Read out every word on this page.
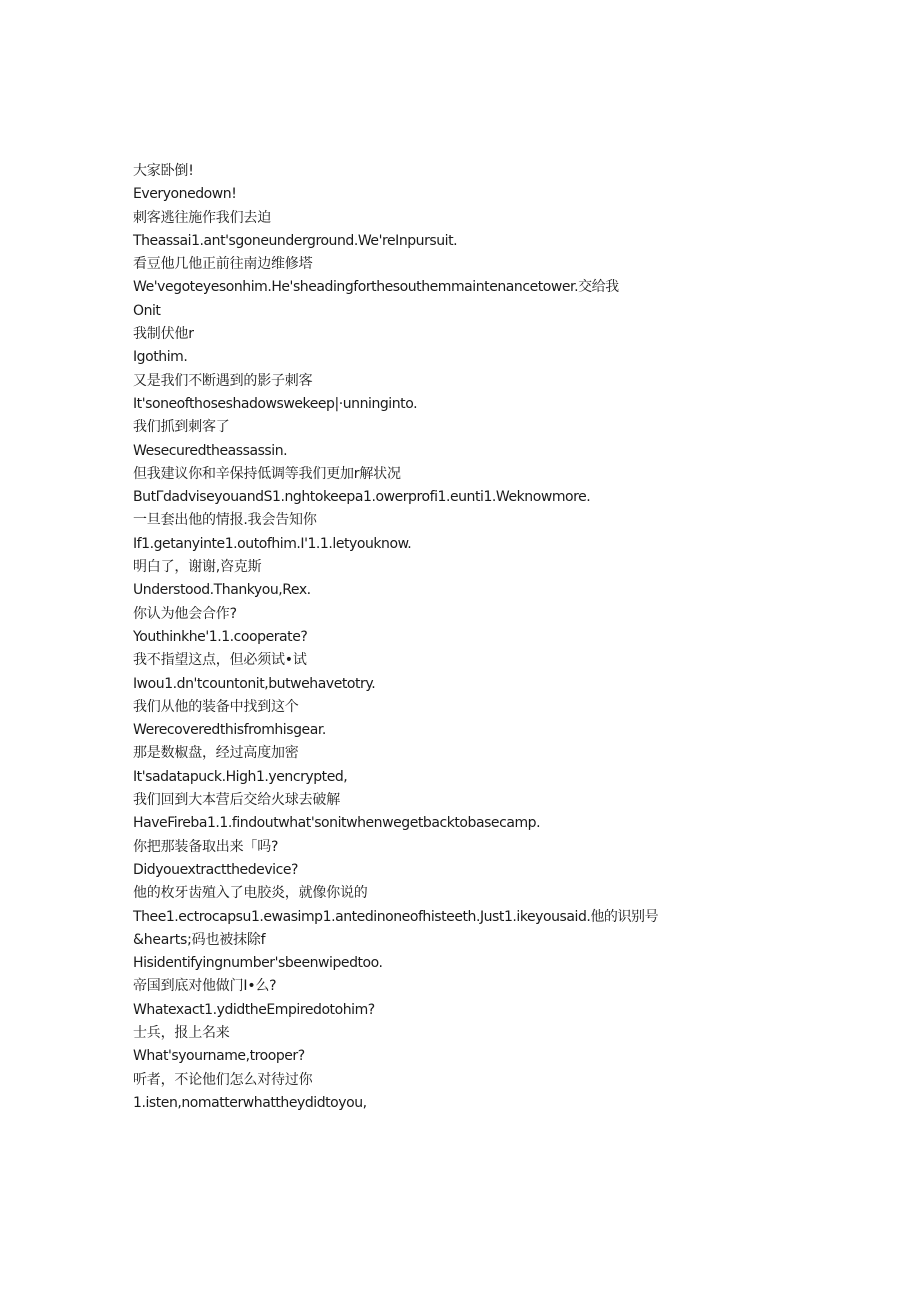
大家卧倒!
Everyonedown!
刺客逃往施作我们去迫
Theassai1.ant'sgoneunderground.We'reInpursuit.
看豆他几他正前往南边维修塔
We'vegoteyesonhim.He'sheadingforthesouthemmaintenancetower.交给我
Onit
我制伏他r
Igothim.
又是我们不断遇到的影子刺客
It'soneofthoseshadowswekeep|·unninginto.
我们抓到刺客了
Wesecuredtheassassin.
但我建议你和辛保持低调等我们更加r解状况
ButΓdadviseyouandS1.nghtokeepa1.owerprofi1.eunti1.Weknowmore.
一旦套出他的情报.我会告知你
If1.getanyinte1.outofhim.I'1.1.letyouknow.
明白了，谢谢,咨克斯
Understood.Thankyou,Rex.
你认为他会合作?
Youthinkhe'1.1.cooperate?
我不指望这点，但必须试•试
Iwou1.dn'tcountonit,butwehavetotry.
我们从他的装备中找到这个
Werecoveredthisfromhisgear.
那是数椒盘，经过高度加密
It'sadatapuck.High1.yencrypted,
我们回到大本营后交给火球去破解
HaveFireba1.1.findoutwhat'sonitwhenwegetbacktobasecamp.
你把那装备取出来「吗?
Didyouextractthedevice?
他的枚牙齿殖入了电胶炎，就像你说的
Thee1.ectrocapsu1.ewasimp1.antedinoneofhisteeth.Just1.ikeyousaid.他的识别号
&hearts;码也被抹除f
Hisidentifyingnumber'sbeenwipedtoo.
帝国到底对他做门I•么?
Whatexact1.ydidtheEmpiredotohim?
士兵，报上名来
What'syourname,trooper?
听者，不论他们怎么对待过你
1.isten,nomatterwhattheydidtoyou,
